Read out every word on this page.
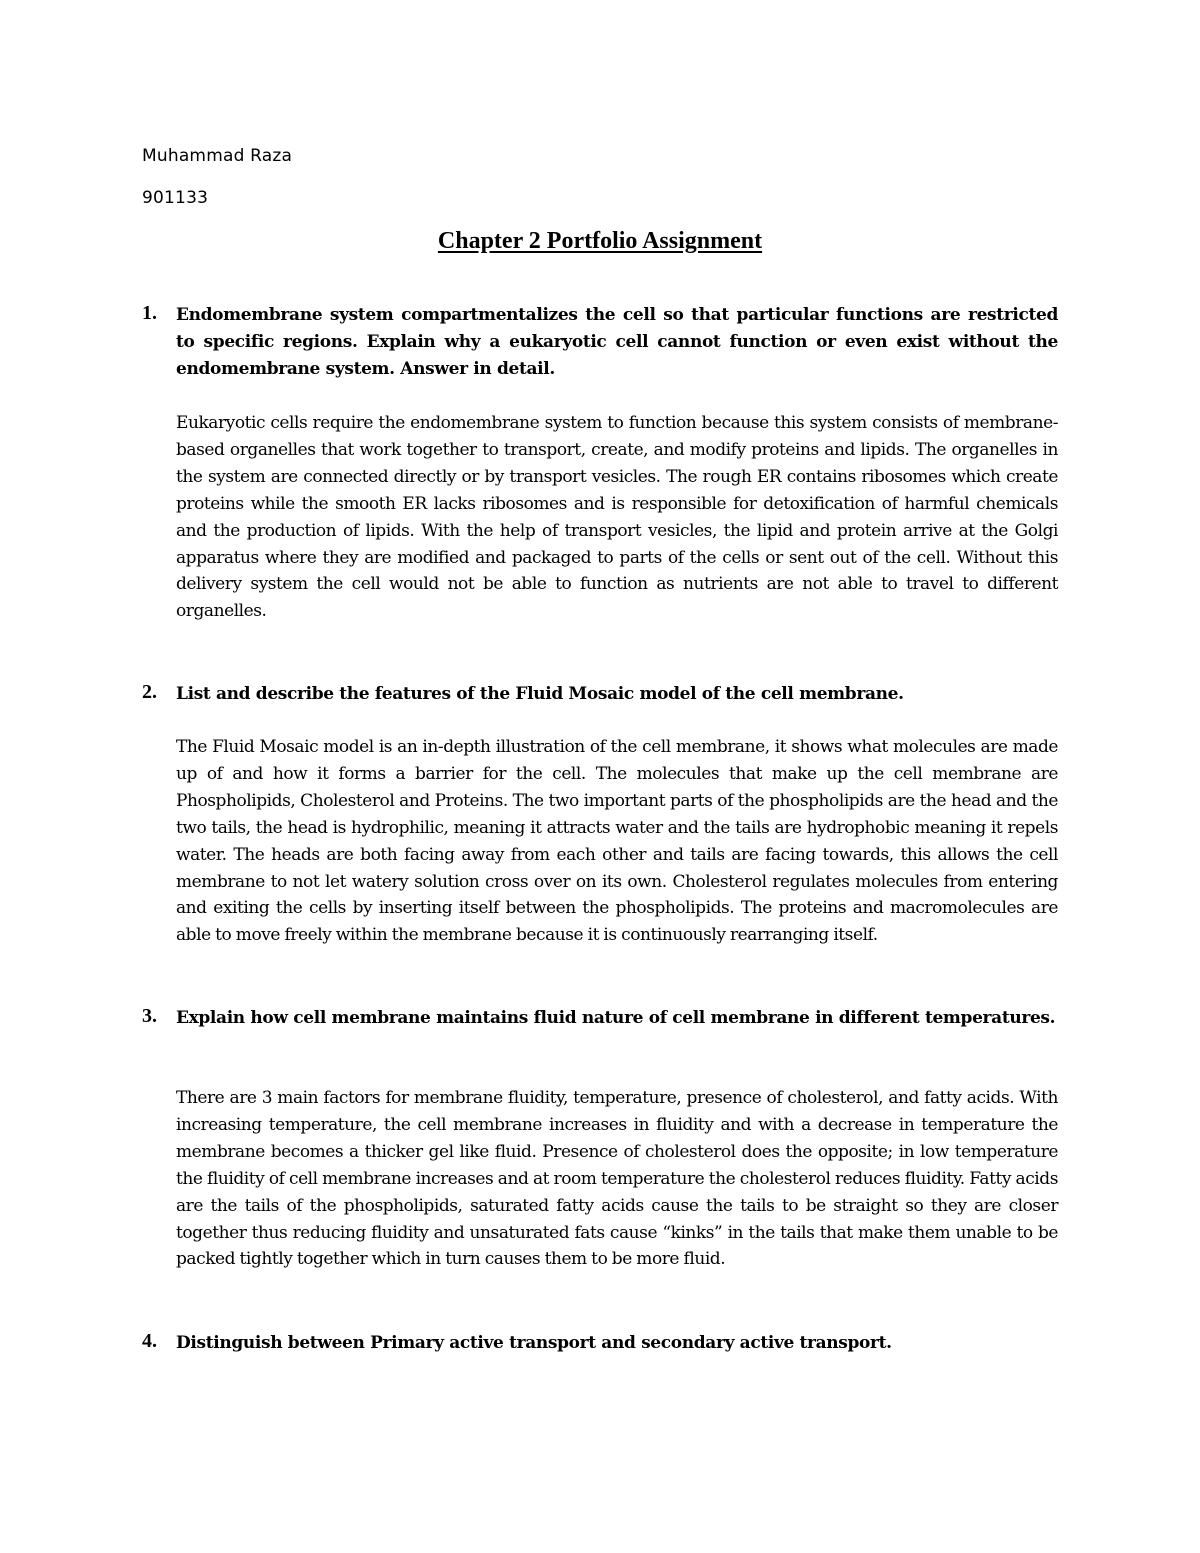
Muhammad Raza
901133
Chapter 2 Portfolio Assignment
1. Endomembrane system compartmentalizes the cell so that particular functions are restricted to specific regions. Explain why a eukaryotic cell cannot function or even exist without the endomembrane system. Answer in detail.
Eukaryotic cells require the endomembrane system to function because this system consists of membrane-based organelles that work together to transport, create, and modify proteins and lipids. The organelles in the system are connected directly or by transport vesicles. The rough ER contains ribosomes which create proteins while the smooth ER lacks ribosomes and is responsible for detoxification of harmful chemicals and the production of lipids. With the help of transport vesicles, the lipid and protein arrive at the Golgi apparatus where they are modified and packaged to parts of the cells or sent out of the cell. Without this delivery system the cell would not be able to function as nutrients are not able to travel to different organelles.
2. List and describe the features of the Fluid Mosaic model of the cell membrane.
The Fluid Mosaic model is an in-depth illustration of the cell membrane, it shows what molecules are made up of and how it forms a barrier for the cell. The molecules that make up the cell membrane are Phospholipids, Cholesterol and Proteins. The two important parts of the phospholipids are the head and the two tails, the head is hydrophilic, meaning it attracts water and the tails are hydrophobic meaning it repels water. The heads are both facing away from each other and tails are facing towards, this allows the cell membrane to not let watery solution cross over on its own. Cholesterol regulates molecules from entering and exiting the cells by inserting itself between the phospholipids. The proteins and macromolecules are able to move freely within the membrane because it is continuously rearranging itself.
3. Explain how cell membrane maintains fluid nature of cell membrane in different temperatures.
There are 3 main factors for membrane fluidity, temperature, presence of cholesterol, and fatty acids. With increasing temperature, the cell membrane increases in fluidity and with a decrease in temperature the membrane becomes a thicker gel like fluid. Presence of cholesterol does the opposite; in low temperature the fluidity of cell membrane increases and at room temperature the cholesterol reduces fluidity. Fatty acids are the tails of the phospholipids, saturated fatty acids cause the tails to be straight so they are closer together thus reducing fluidity and unsaturated fats cause “kinks” in the tails that make them unable to be packed tightly together which in turn causes them to be more fluid.
4. Distinguish between Primary active transport and secondary active transport.
